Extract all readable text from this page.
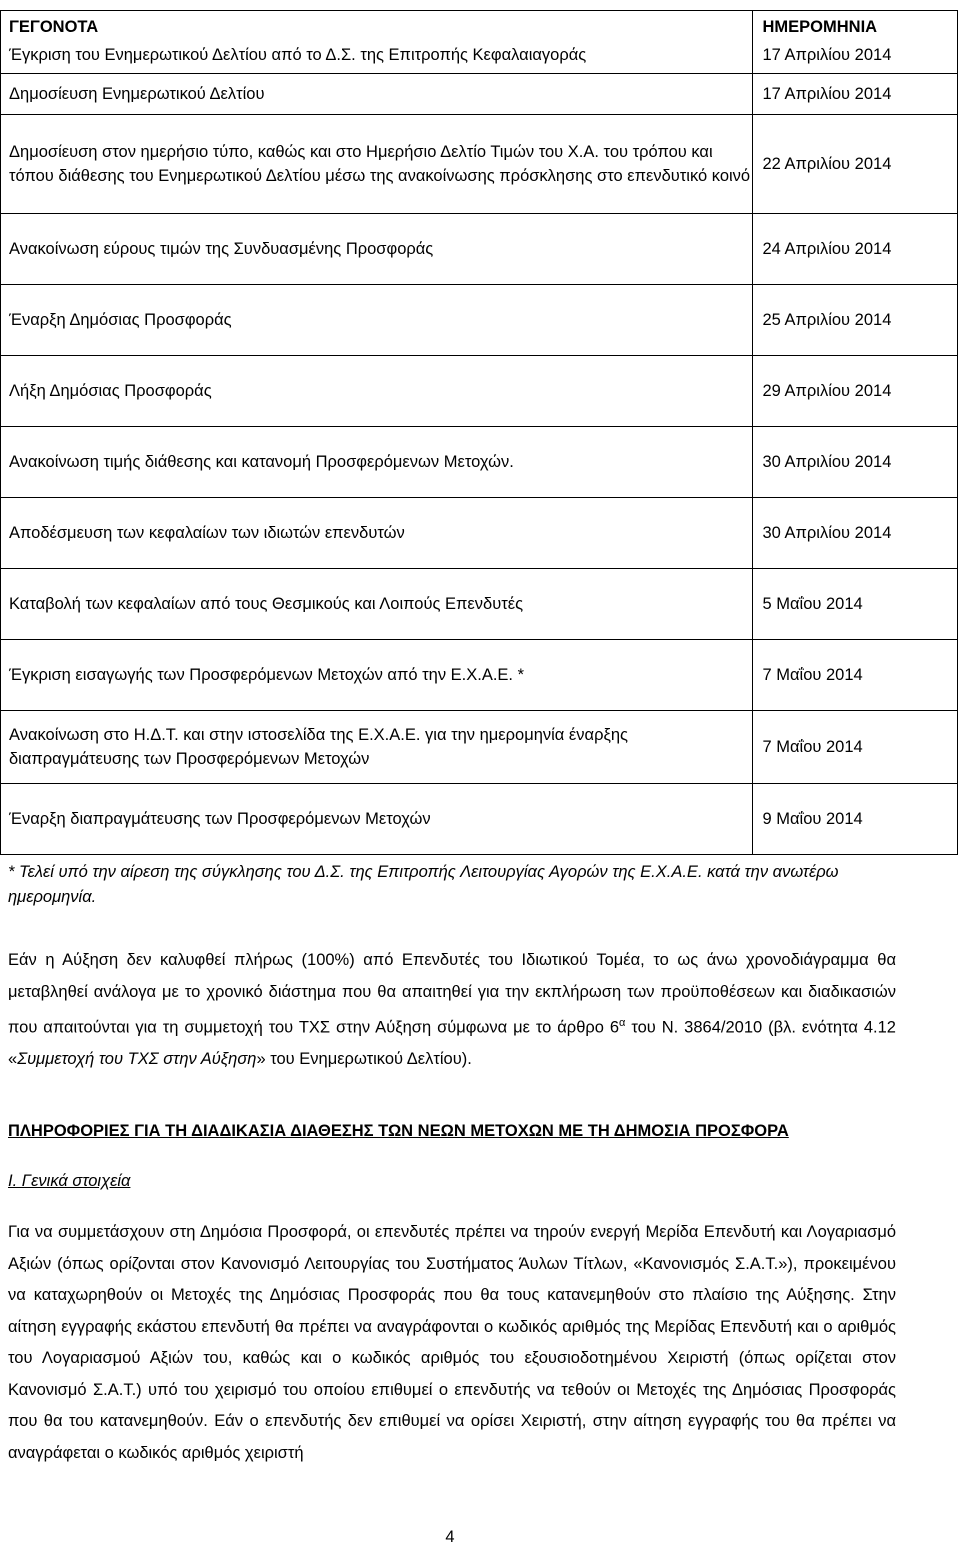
ΓΕΓΟΝΟΤΑ	ΗΜΕΡΟΜΗΝΙΑ
Έγκριση του Ενημερωτικού Δελτίου από το Δ.Σ. της Επιτροπής Κεφαλαιαγοράς	17 Απριλίου 2014
Δημοσίευση Ενημερωτικού Δελτίου	17 Απριλίου 2014
Δημοσίευση στον ημερήσιο τύπο, καθώς και στο Ημερήσιο Δελτίο Τιμών του Χ.Α. του τρόπου και τόπου διάθεσης του Ενημερωτικού Δελτίου μέσω της ανακοίνωσης πρόσκλησης στο επενδυτικό κοινό	22 Απριλίου 2014
Ανακοίνωση εύρους τιμών της Συνδυασμένης Προσφοράς	24 Απριλίου 2014
Έναρξη Δημόσιας Προσφοράς	25 Απριλίου 2014
Λήξη Δημόσιας Προσφοράς	29 Απριλίου 2014
Ανακοίνωση τιμής διάθεσης και κατανομή Προσφερόμενων Μετοχών.	30 Απριλίου 2014
Αποδέσμευση των κεφαλαίων των ιδιωτών επενδυτών	30 Απριλίου 2014
Καταβολή των κεφαλαίων από τους Θεσμικούς και Λοιπούς Επενδυτές	5 Μαΐου 2014
Έγκριση εισαγωγής των Προσφερόμενων Μετοχών από την Ε.Χ.Α.Ε. *	7 Μαΐου 2014
Ανακοίνωση στο Η.Δ.Τ. και στην ιστοσελίδα της Ε.Χ.Α.Ε. για την ημερομηνία έναρξης διαπραγμάτευσης των Προσφερόμενων Μετοχών	7 Μαΐου 2014
Έναρξη διαπραγμάτευσης των Προσφερόμενων Μετοχών	9 Μαΐου 2014
* Τελεί υπό την αίρεση της σύγκλησης του Δ.Σ. της Επιτροπής Λειτουργίας Αγορών της Ε.Χ.Α.Ε. κατά την ανωτέρω ημερομηνία.
Εάν η Αύξηση δεν καλυφθεί πλήρως (100%) από Επενδυτές του Ιδιωτικού Τομέα, το ως άνω χρονοδιάγραμμα θα μεταβληθεί ανάλογα με το χρονικό διάστημα που θα απαιτηθεί για την εκπλήρωση των προϋποθέσεων και διαδικασιών που απαιτούνται για τη συμμετοχή του ΤΧΣ στην Αύξηση σύμφωνα με το άρθρο $6^\alpha$ του Ν. 3864/2010 (βλ. ενότητα 4.12 «Συμμετοχή του ΤΧΣ στην Αύξηση» του Ενημερωτικού Δελτίου).
ΠΛΗΡΟΦΟΡΙΕΣ ΓΙΑ ΤΗ ΔΙΑΔΙΚΑΣΙΑ ΔΙΑΘΕΣΗΣ ΤΩΝ ΝΕΩΝ ΜΕΤΟΧΩΝ ΜΕ ΤΗ ΔΗΜΟΣΙΑ ΠΡΟΣΦΟΡΑ
I. Γενικά στοιχεία
Για να συμμετάσχουν στη Δημόσια Προσφορά, οι επενδυτές πρέπει να τηρούν ενεργή Μερίδα Επενδυτή και Λογαριασμό Αξιών (όπως ορίζονται στον Κανονισμό Λειτουργίας του Συστήματος Άυλων Τίτλων, «Κανονισμός Σ.Α.Τ.»), προκειμένου να καταχωρηθούν οι Μετοχές της Δημόσιας Προσφοράς που θα τους κατανεμηθούν στο πλαίσιο της Αύξησης. Στην αίτηση εγγραφής εκάστου επενδυτή θα πρέπει να αναγράφονται ο κωδικός αριθμός της Μερίδας Επενδυτή και ο αριθμός του Λογαριασμού Αξιών του, καθώς και ο κωδικός αριθμός του εξουσιοδοτημένου Χειριστή (όπως ορίζεται στον Κανονισμό Σ.Α.Τ.) υπό του χειρισμό του οποίου επιθυμεί ο επενδυτής να τεθούν οι Μετοχές της Δημόσιας Προσφοράς που θα του κατανεμηθούν. Εάν ο επενδυτής δεν επιθυμεί να ορίσει Χειριστή, στην αίτηση εγγραφής του θα πρέπει να αναγράφεται ο κωδικός αριθμός χειριστή
4
